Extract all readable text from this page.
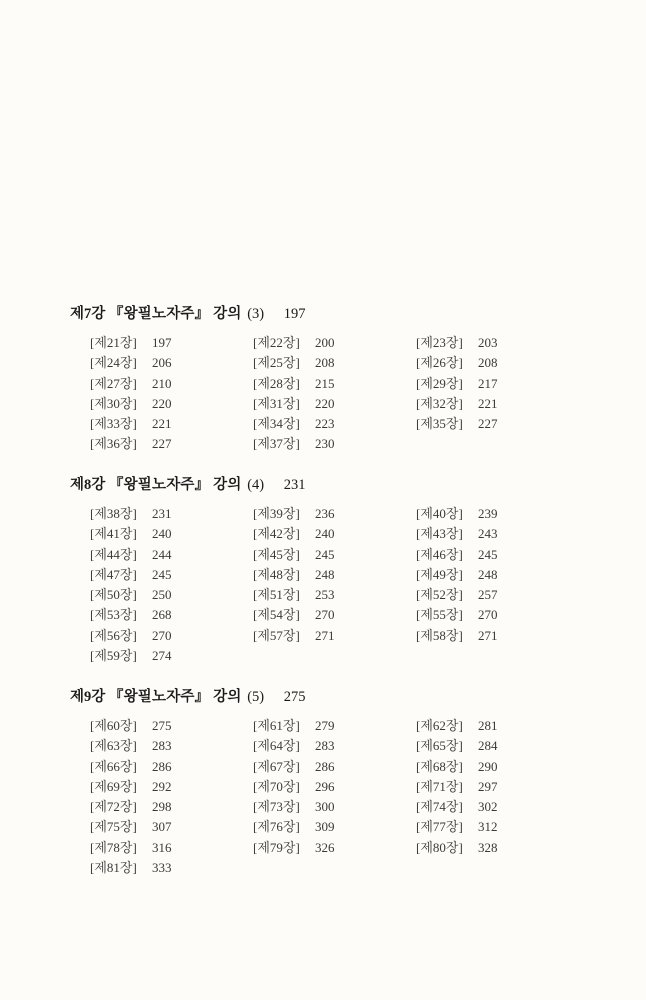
제7강 『왕필노자주』 강의 (3) 197
[제21장] 197	[제22장] 200	[제23장] 203
[제24장] 206	[제25장] 208	[제26장] 208
[제27장] 210	[제28장] 215	[제29장] 217
[제30장] 220	[제31장] 220	[제32장] 221
[제33장] 221	[제34장] 223	[제35장] 227
[제36장] 227	[제37장] 230
제8강 『왕필노자주』 강의 (4) 231
[제38장] 231	[제39장] 236	[제40장] 239
[제41장] 240	[제42장] 240	[제43장] 243
[제44장] 244	[제45장] 245	[제46장] 245
[제47장] 245	[제48장] 248	[제49장] 248
[제50장] 250	[제51장] 253	[제52장] 257
[제53장] 268	[제54장] 270	[제55장] 270
[제56장] 270	[제57장] 271	[제58장] 271
[제59장] 274
제9강 『왕필노자주』 강의 (5) 275
[제60장] 275	[제61장] 279	[제62장] 281
[제63장] 283	[제64장] 283	[제65장] 284
[제66장] 286	[제67장] 286	[제68장] 290
[제69장] 292	[제70장] 296	[제71장] 297
[제72장] 298	[제73장] 300	[제74장] 302
[제75장] 307	[제76장] 309	[제77장] 312
[제78장] 316	[제79장] 326	[제80장] 328
[제81장] 333
